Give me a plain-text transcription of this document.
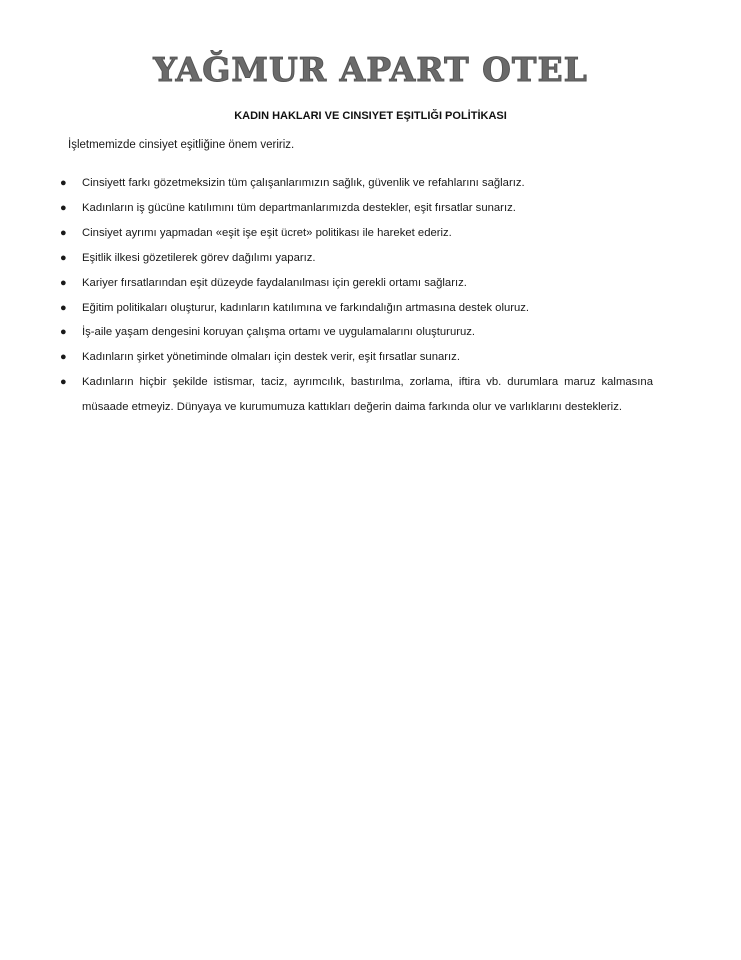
YAĞMUR APART OTEL
KADIN HAKLARI VE CINSIYET EŞITLIĞI POLİTİKASI
İşletmemizde cinsiyet eşitliğine önem veririz.
● Cinsiyett farkı gözetmeksizin tüm çalışanlarımızın sağlık, güvenlik ve refahlarını sağlarız.
● Kadınların iş gücüne katılımını tüm departmanlarımızda destekler, eşit fırsatlar sunarız.
● Cinsiyet ayrımı yapmadan «eşit işe eşit ücret» politikası ile hareket ederiz.
● Eşitlik ilkesi gözetilerek görev dağılımı yaparız.
● Kariyer fırsatlarından eşit düzeyde faydalanılması için gerekli ortamı sağlarız.
● Eğitim politikaları oluşturur, kadınların katılımına ve farkındalığın artmasına destek oluruz.
● İş-aile yaşam dengesini koruyan çalışma ortamı ve uygulamalarını oluştururuz.
● Kadınların şirket yönetiminde olmaları için destek verir, eşit fırsatlar sunarız.
● Kadınların hiçbir şekilde istismar, taciz, ayrımcılık, bastırılma, zorlama, iftira vb. durumlara maruz kalmasına müsaade etmeyiz. Dünyaya ve kurumumuza kattıkları değerin daima farkında olur ve varlıklarını destekleriz.
